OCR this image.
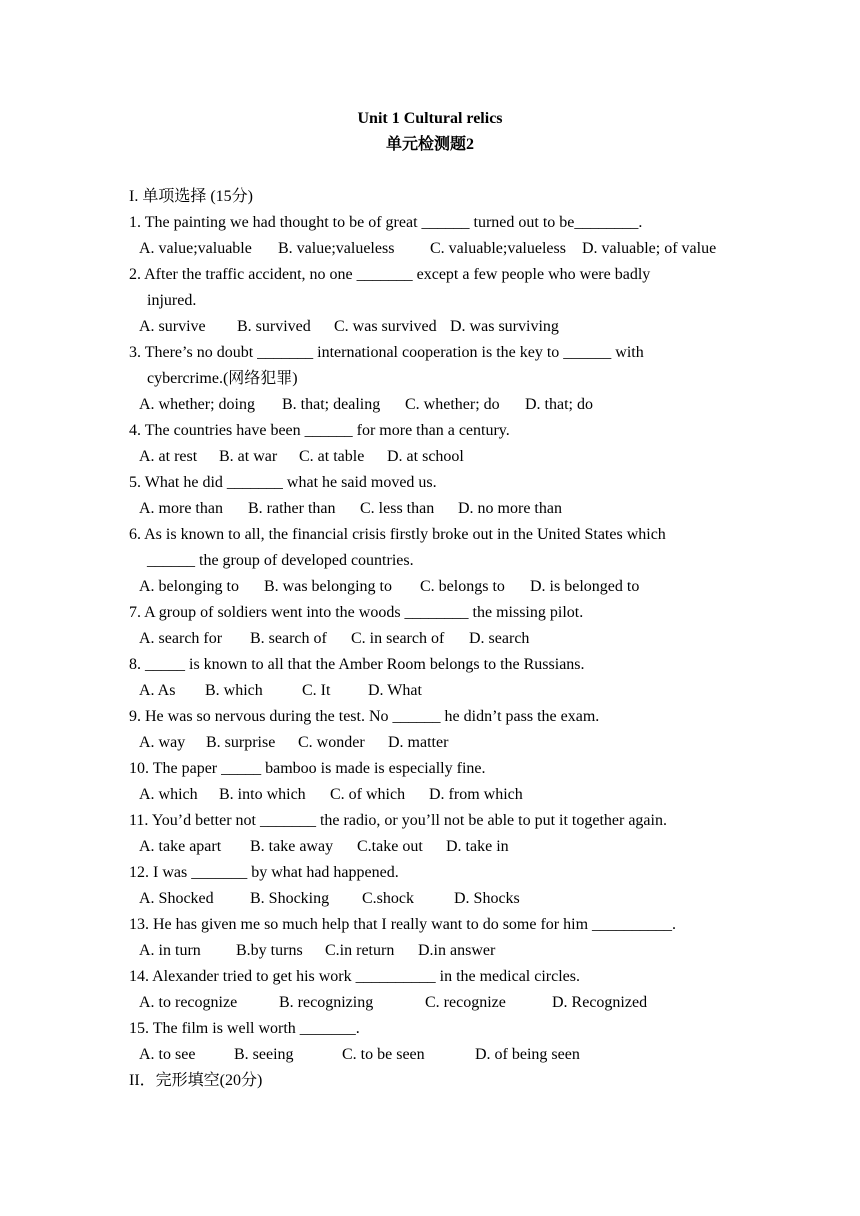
Unit 1 Cultural relics
单元检测题2
I. 单项选择 (15分)
1. The painting we had thought to be of great ______ turned out to be________.
A. value;valuable B. value;valueless C. valuable;valueless D. valuable; of value
2. After the traffic accident, no one _______ except a few people who were badly
injured.
A. survive B. survived C. was survived D. was surviving
3. There’s no doubt _______ international cooperation is the key to ______ with
cybercrime.(网络犯罪)
A. whether; doing B. that; dealing C. whether; do D. that; do
4. The countries have been ______ for more than a century.
A. at rest B. at war C. at table D. at school
5. What he did _______ what he said moved us.
A. more than B. rather than C. less than D. no more than
6. As is known to all, the financial crisis firstly broke out in the United States which
______ the group of developed countries.
A. belonging to B. was belonging to C. belongs to D. is belonged to
7. A group of soldiers went into the woods ________ the missing pilot.
A. search for B. search of C. in search of D. search
8. _____ is known to all that the Amber Room belongs to the Russians.
A. As B. which C. It D. What
9. He was so nervous during the test. No ______ he didn’t pass the exam.
A. way B. surprise C. wonder D. matter
10. The paper _____ bamboo is made is especially fine.
A. which B. into which C. of which D. from which
11. You’d better not _______ the radio, or you’ll not be able to put it together again.
A. take apart B. take away C.take out D. take in
12. I was _______ by what had happened.
A. Shocked B. Shocking C.shock	D. Shocks
13. He has given me so much help that I really want to do some for him __________.
A. in turn B.by turns C.in return D.in answer
14. Alexander tried to get his work __________ in the medical circles.
A. to recognize	B. recognizing	C. recognize	D. Recognized
15. The film is well worth _______.
A. to see B. seeing	C. to be seen	D. of being seen
II．完形填空(20分)
